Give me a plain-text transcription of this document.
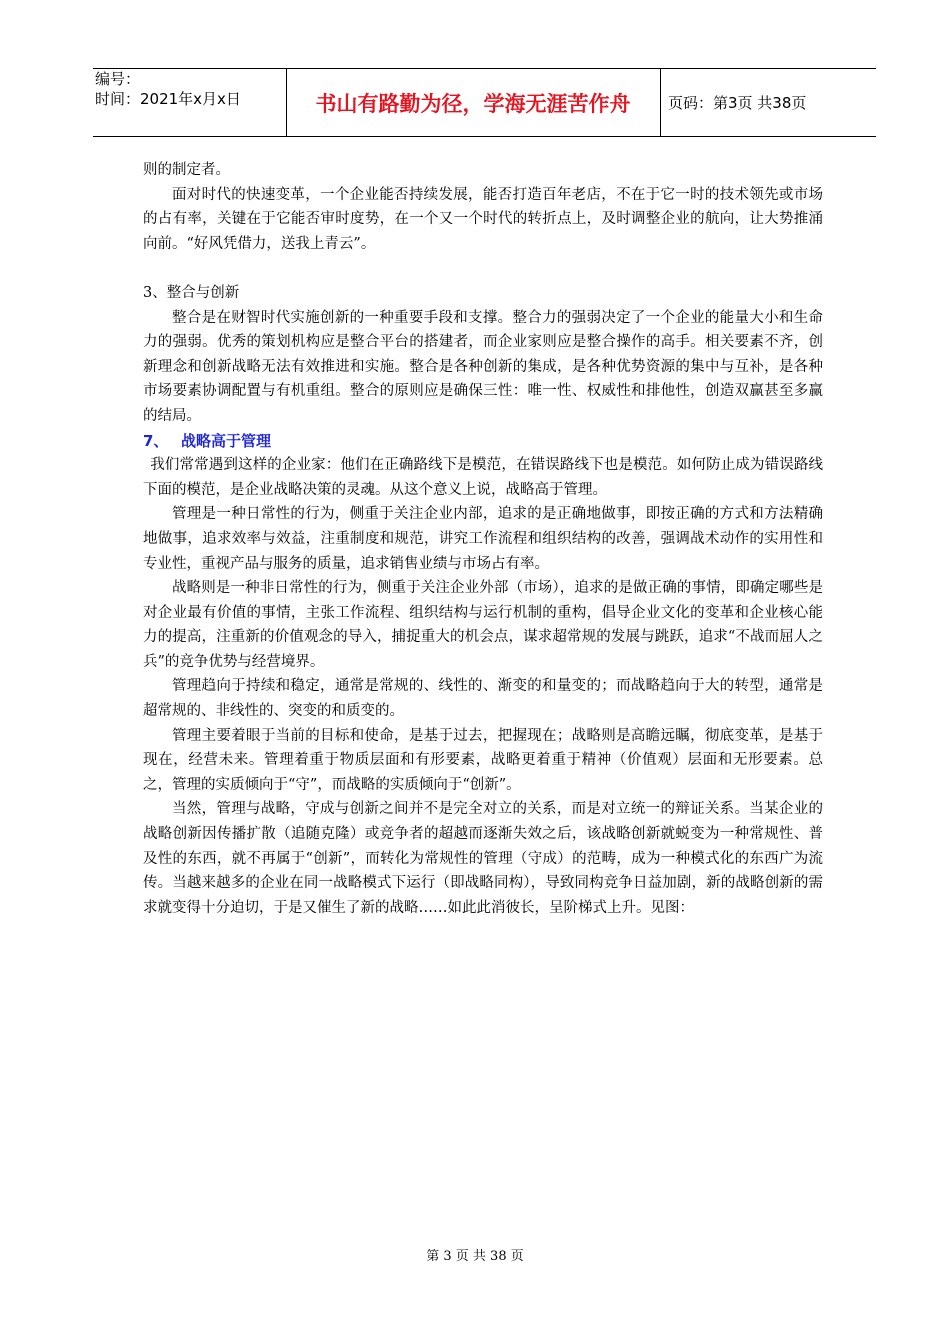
编号：
时间：2021年x月x日	书山有路勤为径，学海无涯苦作舟	页码：第3页 共38页

则的制定者。

面对时代的快速变革，一个企业能否持续发展，能否打造百年老店，不在于它一时的技术领先或市场的占有率，关键在于它能否审时度势，在一个又一个时代的转折点上，及时调整企业的航向，让大势推涌向前。“好风凭借力，送我上青云”。

3、整合与创新

整合是在财智时代实施创新的一种重要手段和支撑。整合力的强弱决定了一个企业的能量大小和生命力的强弱。优秀的策划机构应是整合平台的搭建者，而企业家则应是整合操作的高手。相关要素不齐，创新理念和创新战略无法有效推进和实施。整合是各种创新的集成，是各种优势资源的集中与互补，是各种市场要素协调配置与有机重组。整合的原则应是确保三性：唯一性、权威性和排他性，创造双赢甚至多赢的结局。

7、 战略高于管理

我们常常遇到这样的企业家：他们在正确路线下是模范，在错误路线下也是模范。如何防止成为错误路线下面的模范，是企业战略决策的灵魂。从这个意义上说，战略高于管理。

管理是一种日常性的行为，侧重于关注企业内部，追求的是正确地做事，即按正确的方式和方法精确地做事，追求效率与效益，注重制度和规范，讲究工作流程和组织结构的改善，强调战术动作的实用性和专业性，重视产品与服务的质量，追求销售业绩与市场占有率。

战略则是一种非日常性的行为，侧重于关注企业外部（市场），追求的是做正确的事情，即确定哪些是对企业最有价值的事情，主张工作流程、组织结构与运行机制的重构，倡导企业文化的变革和企业核心能力的提高，注重新的价值观念的导入，捕捉重大的机会点，谋求超常规的发展与跳跃，追求“不战而屈人之兵”的竞争优势与经营境界。

管理趋向于持续和稳定，通常是常规的、线性的、渐变的和量变的；而战略趋向于大的转型，通常是超常规的、非线性的、突变的和质变的。

管理主要着眼于当前的目标和使命，是基于过去，把握现在；战略则是高瞻远瞩，彻底变革，是基于现在，经营未来。管理着重于物质层面和有形要素，战略更着重于精神（价值观）层面和无形要素。总之，管理的实质倾向于“守”，而战略的实质倾向于“创新”。

当然，管理与战略，守成与创新之间并不是完全对立的关系，而是对立统一的辩证关系。当某企业的战略创新因传播扩散（追随克隆）或竞争者的超越而逐渐失效之后，该战略创新就蜕变为一种常规性、普及性的东西，就不再属于“创新”，而转化为常规性的管理（守成）的范畴，成为一种模式化的东西广为流传。当越来越多的企业在同一战略模式下运行（即战略同构），导致同构竞争日益加剧，新的战略创新的需求就变得十分迫切，于是又催生了新的战略……如此此消彼长，呈阶梯式上升。见图：

第 3 页 共 38 页
